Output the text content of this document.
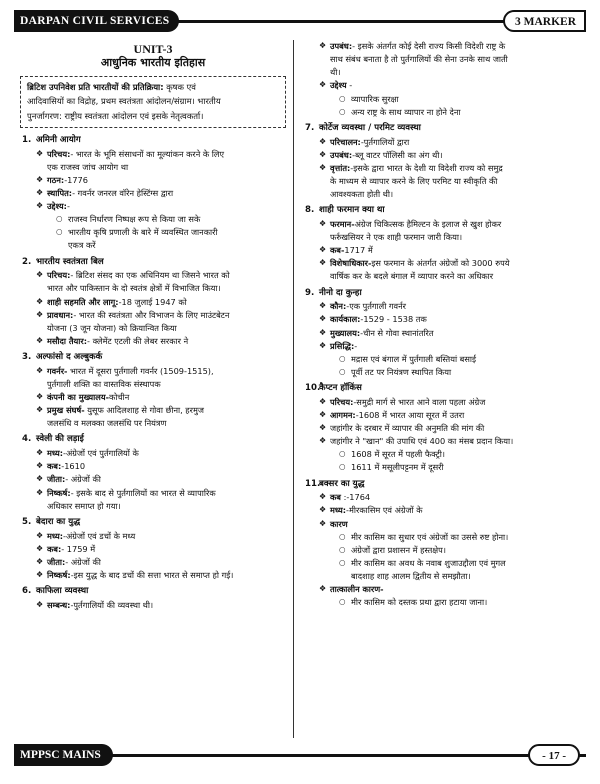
DARPAN CIVIL SERVICES	3 MARKER
UNIT-3
आधुनिक भारतीय इतिहास
ब्रिटिश उपनिवेश प्रति भारतीयों की प्रतिक्रिया: कृषक एवं
आदिवासियों का विद्रोह, प्रथम स्वतंत्रता आंदोलन/संग्राम। भारतीय
पुनर्जागरण: राष्ट्रीय स्वतंत्रता आंदोलन एवं इसके नेतृत्वकर्ता।
1. अमिनी आयोग
❖ परिचय:- भारत के भूमि संसाधनों का मूल्यांकन करने के लिए
एक राजस्व जांच आयोग था
❖ गठन:-1776
❖ स्थापित:- गवर्नर जनरल वॉरेन हेस्टिंग्स द्वारा
❖ उद्देश्य:-
○ राजस्व निर्धारण निष्पक्ष रूप से किया जा सके
○ भारतीय कृषि प्रणाली के बारे में व्यवस्थित जानकारी
एकत्र करें
2. भारतीय स्वतंत्रता बिल
❖ परिचय:- ब्रिटिश संसद का एक अधिनियम था जिसने भारत को
भारत और पाकिस्तान के दो स्वतंत्र क्षेत्रों में विभाजित किया।
❖ शाही सहमति और लागू:-18 जुलाई 1947 को
❖ प्रावधान:- भारत की स्वतंत्रता और विभाजन के लिए माउंटबेटन
योजना (3 जून योजना) को क्रियान्वित किया
❖ मसौदा तैयार:- क्लेमेंट एटली की लेबर सरकार ने
3. अल्फांसो द अल्बुकर्क
❖ गवर्नर- भारत में दूसरा पुर्तगाली गवर्नर (1509-1515),
पुर्तगाली शक्ति का वास्तविक संस्थापक
❖ कंपनी का मुख्यालय-कोचीन
❖ प्रमुख संघर्ष- युसूफ आदिलशाह से गोवा छीना, हरमुज
जलसंधि व मलक्का जलसंधि पर नियंत्रण
4. स्वेली की लड़ाई
❖ मध्य:-अंग्रेजों एवं पुर्तगालियों के
❖ कब:-1610
❖ जीता:- अंग्रेजों की
❖ निष्कर्ष:- इसके बाद से पुर्तगालियों का भारत से व्यापारिक
अधिकार समाप्त हो गया।
5. बेदारा का युद्ध
❖ मध्य:-अंग्रेजों एवं डचों के मध्य
❖ कब:- 1759 में
❖ जीता:- अंग्रेजों की
❖ निष्कर्ष:-इस युद्ध के बाद डचों की सत्ता भारत से समाप्त हो गई।
6. काफिला व्यवस्था
❖ सम्बन्ध:-पुर्तगालियों की व्यवस्था थी।
❖ उपबंध:- इसके अंतर्गत कोई देसी राज्य किसी विदेशी राष्ट्र के
साथ संबंध बनाता है तो पुर्तगालियों की सेना उनके साथ जाती
थी।
❖ उद्देश्य -
○ व्यापारिक सुरक्षा
○ अन्य राष्ट्र के साथ व्यापार ना होने देना
7. कोर्टेज व्यवस्था / परमिट व्यवस्था
❖ परिचालन:-पुर्तगालियों द्वारा
❖ उपबंध:-ब्लू वाटर पॉलिसी का अंग थी।
❖ वृत्तांत:-इसके द्वारा भारत के देशी या विदेशी राज्य को समुद्र
के माध्यम से व्यापार करने के लिए परमिट या स्वीकृति की
आवश्यकता होती थी।
8. शाही फरमान क्या था
❖ फरमान-अंग्रेज चिकित्सक हैमिल्टन के इलाज से खुश होकर
फर्रुखसियर ने एक शाही फरमान जारी किया।
❖ कब-1717 में
❖ विशेषाधिकार-इस फरमान के अंतर्गत अंग्रेजों को 3000 रुपये
वार्षिक कर के बदले बंगाल में व्यापार करने का अधिकार
9. नीनो दा कुन्हा
❖ कौन:-एक पुर्तगाली गवर्नर
❖ कार्यकाल:-1529 - 1538 तक
❖ मुख्यालय:-चीन से गोवा स्थानांतरित
❖ प्रसिद्धि:-
○ मद्रास एवं बंगाल में पुर्तगाली बस्तियां बसाई
○ पूर्वी तट पर नियंत्रण स्थापित किया
10.
कैप्टन हॉकिंस
❖ परिचय:-समुद्री मार्ग से भारत आने वाला पहला अंग्रेज
❖ आगमन:-1608 में भारत आया सूरत में उतरा
❖ जहांगीर के दरबार में व्यापार की अनुमति की मांग की
❖ जहांगीर ने "खान" की उपाधि एवं 400 का मंसब प्रदान किया।
○ 1608 में सूरत में पहली फैक्ट्री।
○ 1611 में मसूलीपट्टनम में दूसरी
11.
बक्सर का युद्ध
❖ कब :-1764
❖ मध्य:-मीरकासिम एवं अंग्रेजों के
❖ कारण
○ मीर कासिम का सुधार एवं अंग्रेजों का उससे रुष्ट होना।
○ अंग्रेजों द्वारा प्रशासन में हस्तक्षेप।
○ मीर कासिम का अवध के नवाब शुजाउद्दौला एवं मुगल
बादशाह शाह आलम द्वितीय से समझौता।
❖ तात्कालीन कारण-
○ मीर कासिम को दस्तक प्रथा द्वारा हटाया जाना।
MPPSC MAINS	- 17 -
